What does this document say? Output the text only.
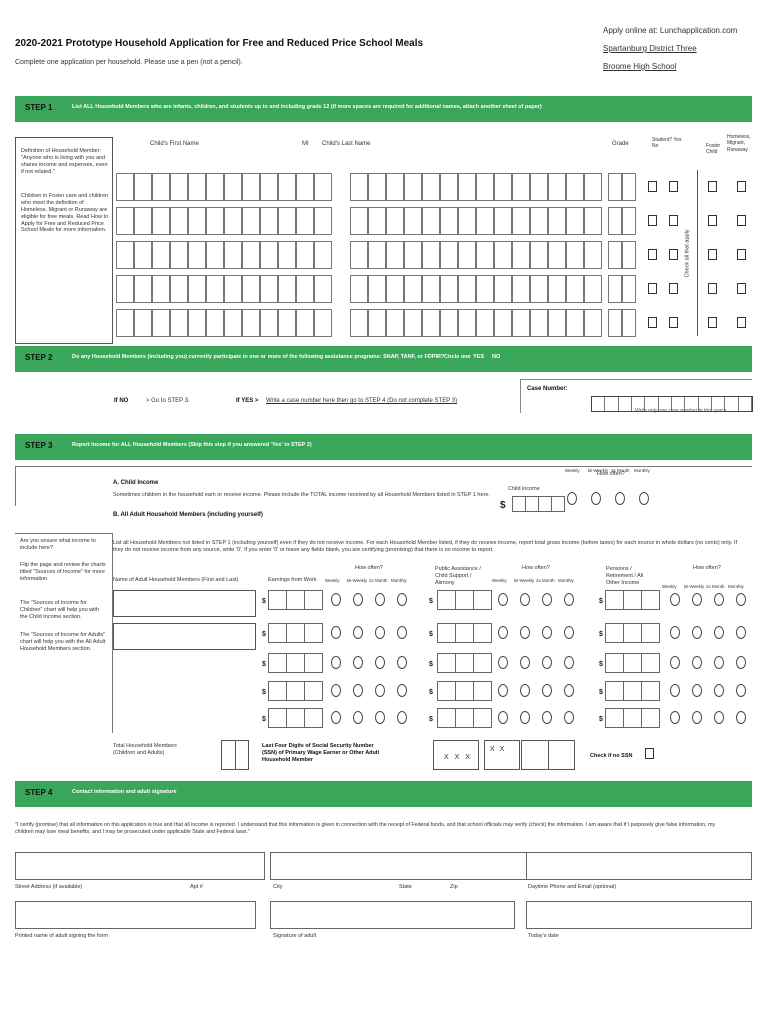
2020-2021 Prototype Household Application for Free and Reduced Price School Meals
Complete one application per household. Please use a pen (not a pencil).
Apply online at: Lunchapplication.com
Spartanburg District Three
Broome High School
STEP 1	List ALL Household Members who are infants, children, and students up to and including grade 12 (if more spaces are required for additional names, attach another sheet of paper)
Definition of Household Member: "Anyone who is living with you and shares income and expenses, even if not related."
Children in Foster care and children who meet the definition of Homeless, Migrant or Runaway are eligible for free meals. Read How to Apply for Free and Reduced Price School Meals for more information.
Child's First Name	MI Child's Last Name	Grade
Student? Yes No	Foster Child
Homeless, Migrant, Runaway
Check all that apply
STEP 2	Do any Household Members (including you) currently participate in one or more of the following assistance programs: SNAP, TANF, or FDPIR? Circle one YES NO
Case Number:
If NO	> Go to STEP 3.	If YES > Write a case number here then go to STEP 4 (Do not complete STEP 3)
Write only one case number in this space.
STEP 3	Report Income for ALL Household Members (Skip this step if you answered 'Yes' to STEP 2)
A. Child Income
Sometimes children in the household earn or receive income. Please include the TOTAL income received by all Household Members listed in STEP 1 here.
Child income
$
How often?
Weekly Bi-Weekly 2x Month Monthly
B. All Adult Household Members (including yourself)
Are you unsure what income to include here?
Flip the page and review the charts titled "Sources of Income" for more information.
The "Sources of Income for Children" chart will help you with the Child Income section.
The "Sources of Income for Adults" chart will help you with the All Adult Household Members section.
List all Household Members not listed in STEP 1 (including yourself) even if they do not receive income. For each Household Member listed, if they do receive income, report total gross income (before taxes) for each source in whole dollars (no cents) only. If they do not receive income from any source, write '0'. If you enter '0' or leave any fields blank, you are certifying (promising) that there is no income to report.
Name of Adult Household Members (First and Last)	Earnings from Work
How often?	Public Assistance / Child Support / Alimony
How often?	Pensions / Retirement / All Other Income
How often?
Weekly Bi-Weekly 2x Month Monthly	Weekly Bi-Weekly 2x Month Monthly
Weekly Bi-Weekly 2x Month Monthly
$	$	$
$	$	$
$	$	$
$	$	$
$	$	$
Total Household Members (Children and Adults)
Last Four Digits of Social Security Number (SSN) of Primary Wage Earner or Other Adult Household Member	X X X
X X
Check if no SSN
STEP 4	Contact information and adult signature
"I certify (promise) that all information on this application is true and that all income is reported. I understand that this information is given in connection with the receipt of Federal funds, and that school officials may verify (check) the information. I am aware that if I purposely give false information, my children may lose meal benefits, and I may be prosecuted under applicable State and Federal laws."
Street Address (if available)	Apt #	City	State	Zip	Daytime Phone and Email (optional)
Printed name of adult signing the form	Signature of adult	Today's date
